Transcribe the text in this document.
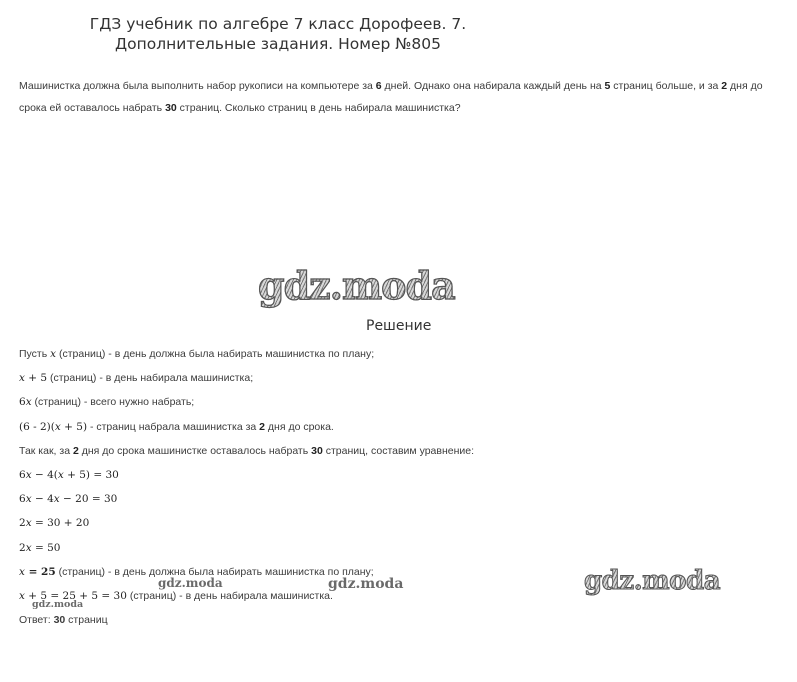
ГДЗ учебник по алгебре 7 класс Дорофеев. 7. Дополнительные задания. Номер №805

Машинистка должна была выполнить набор рукописи на компьютере за 6 дней. Однако она набирала каждый день на 5 страниц больше, и за 2 дня до срока ей оставалось набрать 30 страниц. Сколько страниц в день набирала машинистка?

gdz.moda
Решение
Пусть x (страниц) - в день должна была набирать машинистка по плану;
x + 5 (страниц) - в день набирала машинистка;
6x (страниц) - всего нужно набрать;
(6 - 2)(x + 5) - страниц набрала машинистка за 2 дня до срока.
Так как, за 2 дня до срока машинистке оставалось набрать 30 страниц, составим уравнение:
6x − 4(x + 5) = 30
6x − 4x − 20 = 30
2x = 30 + 20
2x = 50
x = 25 (страниц) - в день должна была набирать машинистка по плану;
x + 5 = 25 + 5 = 30 (страниц) - в день набирала машинистка.
Ответ: 30 страниц
gdz.moda	gdz.moda
gdz.moda
gdz.moda
